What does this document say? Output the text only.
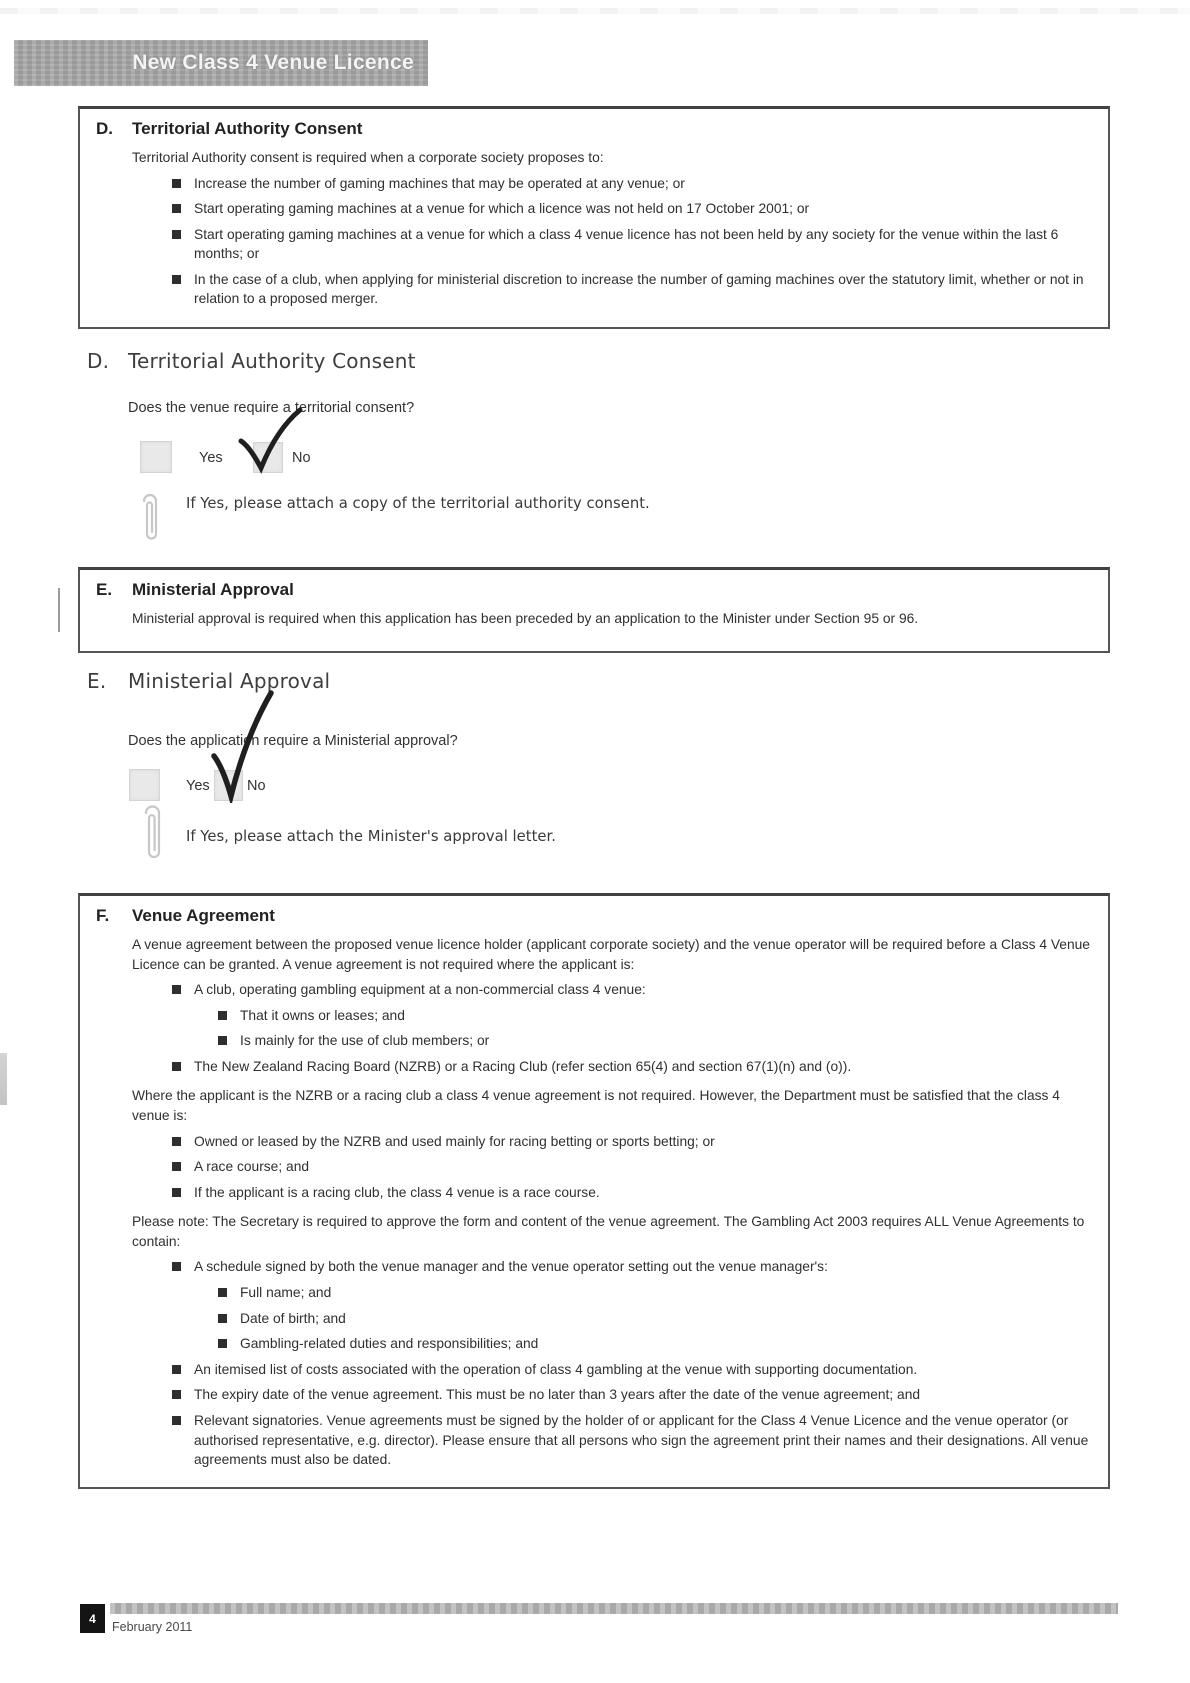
New Class 4 Venue Licence
D.	Territorial Authority Consent
Territorial Authority consent is required when a corporate society proposes to:
Increase the number of gaming machines that may be operated at any venue; or
Start operating gaming machines at a venue for which a licence was not held on 17 October 2001; or
Start operating gaming machines at a venue for which a class 4 venue licence has not been held by any society for the venue within the last 6 months; or
In the case of a club, when applying for ministerial discretion to increase the number of gaming machines over the statutory limit, whether or not in relation to a proposed merger.
D. Territorial Authority Consent
Does the venue require a territorial consent?
Yes	No
If Yes, please attach a copy of the territorial authority consent.
E.	Ministerial Approval
Ministerial approval is required when this application has been preceded by an application to the Minister under Section 95 or 96.
E.	Ministerial Approval
Does the application require a Ministerial approval?
Yes	No
If Yes, please attach the Minister's approval letter.
F.	Venue Agreement
A venue agreement between the proposed venue licence holder (applicant corporate society) and the venue operator will be required before a Class 4 Venue Licence can be granted. A venue agreement is not required where the applicant is:
A club, operating gambling equipment at a non-commercial class 4 venue:
That it owns or leases; and
Is mainly for the use of club members; or
The New Zealand Racing Board (NZRB) or a Racing Club (refer section 65(4) and section 67(1)(n) and (o)).
Where the applicant is the NZRB or a racing club a class 4 venue agreement is not required. However, the Department must be satisfied that the class 4 venue is:
Owned or leased by the NZRB and used mainly for racing betting or sports betting; or
A race course; and
If the applicant is a racing club, the class 4 venue is a race course.
Please note: The Secretary is required to approve the form and content of the venue agreement. The Gambling Act 2003 requires ALL Venue Agreements to contain:
A schedule signed by both the venue manager and the venue operator setting out the venue manager's:
Full name; and
Date of birth; and
Gambling-related duties and responsibilities; and
An itemised list of costs associated with the operation of class 4 gambling at the venue with supporting documentation.
The expiry date of the venue agreement. This must be no later than 3 years after the date of the venue agreement; and
Relevant signatories. Venue agreements must be signed by the holder of or applicant for the Class 4 Venue Licence and the venue operator (or authorised representative, e.g. director). Please ensure that all persons who sign the agreement print their names and their designations. All venue agreements must also be dated.
4
February 2011
